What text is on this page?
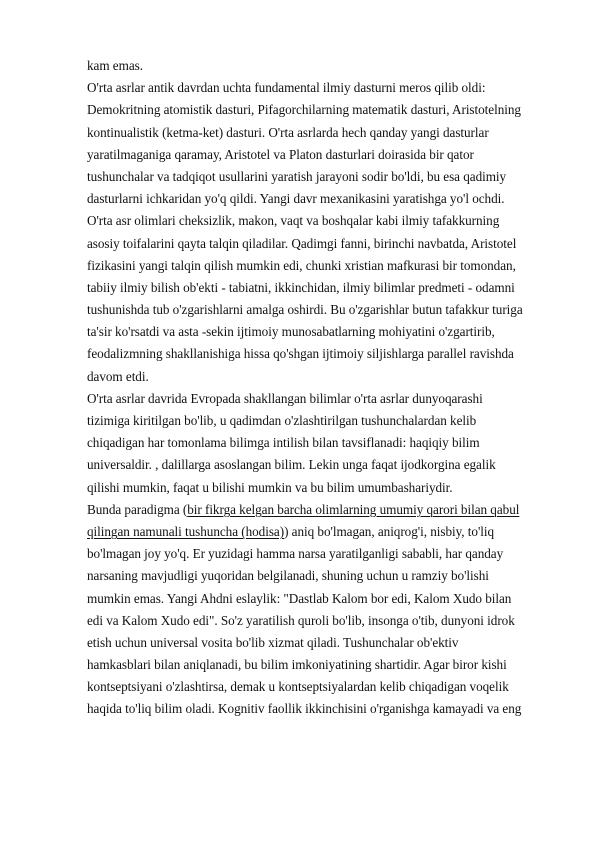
kam emas.
O'rta asrlar antik davrdan uchta fundamental ilmiy dasturni meros qilib oldi:
Demokritning atomistik dasturi, Pifagorchilarning matematik dasturi, Aristotelning
kontinualistik (ketma-ket) dasturi. O'rta asrlarda hech qanday yangi dasturlar
yaratilmaganiga qaramay, Aristotel va Platon dasturlari doirasida bir qator
tushunchalar va tadqiqot usullarini yaratish jarayoni sodir bo'ldi, bu esa qadimiy
dasturlarni ichkaridan yo'q qildi. Yangi davr mexanikasini yaratishga yo'l ochdi.
O'rta asr olimlari cheksizlik, makon, vaqt va boshqalar kabi ilmiy tafakkurning
asosiy toifalarini qayta talqin qiladilar. Qadimgi fanni, birinchi navbatda, Aristotel
fizikasini yangi talqin qilish mumkin edi, chunki xristian mafkurasi bir tomondan,
tabiiy ilmiy bilish ob'ekti - tabiatni, ikkinchidan, ilmiy bilimlar predmeti - odamni
tushunishda tub o'zgarishlarni amalga oshirdi. Bu o'zgarishlar butun tafakkur turiga
ta'sir ko'rsatdi va asta -sekin ijtimoiy munosabatlarning mohiyatini o'zgartirib,
feodalizmning shakllanishiga hissa qo'shgan ijtimoiy siljishlarga parallel ravishda
davom etdi.
O'rta asrlar davrida Evropada shakllangan bilimlar o'rta asrlar dunyoqarashi
tizimiga kiritilgan bo'lib, u qadimdan o'zlashtirilgan tushunchalardan kelib
chiqadigan har tomonlama bilimga intilish bilan tavsiflanadi: haqiqiy bilim
universaldir. , dalillarga asoslangan bilim. Lekin unga faqat ijodkorgina egalik
qilishi mumkin, faqat u bilishi mumkin va bu bilim umumbashariydir.
Bunda paradigma (bir fikrga kelgan barcha olimlarning umumiy qarori bilan qabul
qilingan namunali tushuncha (hodisa)) aniq bo'lmagan, aniqrog'i, nisbiy, to'liq
bo'lmagan joy yo'q. Er yuzidagi hamma narsa yaratilganligi sababli, har qanday
narsaning mavjudligi yuqoridan belgilanadi, shuning uchun u ramziy bo'lishi
mumkin emas. Yangi Ahdni eslaylik: "Dastlab Kalom bor edi, Kalom Xudo bilan
edi va Kalom Xudo edi". So'z yaratilish quroli bo'lib, insonga o'tib, dunyoni idrok
etish uchun universal vosita bo'lib xizmat qiladi. Tushunchalar ob'ektiv
hamkasblari bilan aniqlanadi, bu bilim imkoniyatining shartidir. Agar biror kishi
kontseptsiyani o'zlashtirsa, demak u kontseptsiyalardan kelib chiqadigan voqelik
haqida to'liq bilim oladi. Kognitiv faollik ikkinchisini o'rganishga kamayadi va eng
